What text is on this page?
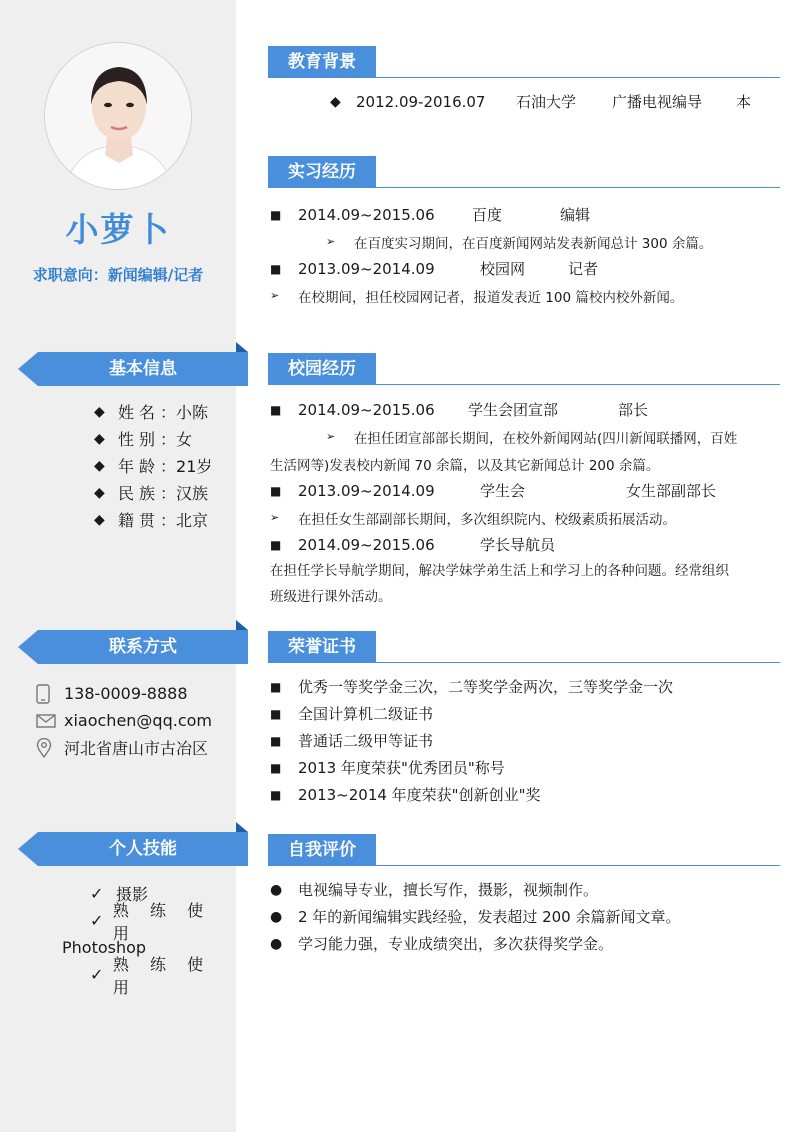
小萝卜
求职意向：新闻编辑/记者
基本信息
◆ 姓名 ： 小陈
◆ 性别 ： 女
◆ 年龄 ： 21岁
◆ 民族 ： 汉族
◆ 籍贯 ： 北京
联系方式
138-0009-8888
xiaochen@qq.com
河北省唐山市古冶区
个人技能
✓ 摄影
✓
熟 练 使 用
Photoshop
✓
熟 练 使 用
教育背景
◆	2012.09-2016.07	石油大学	广播电视编导	本
实习经历
■	2014.09~2015.06	百度	编辑
➢	在百度实习期间，在百度新闻网站发表新闻总计 300 余篇。
■	2013.09~2014.09	校园网	记者
➢	在校期间，担任校园网记者，报道发表近 100 篇校内校外新闻。
校园经历
■	2014.09~2015.06	学生会团宣部	部长
➢	在担任团宣部部长期间，在校外新闻网站(四川新闻联播网，百姓
生活网等)发表校内新闻 70 余篇，以及其它新闻总计 200 余篇。
■	2013.09~2014.09	学生会	女生部副部长
➢	在担任女生部副部长期间，多次组织院内、校级素质拓展活动。
■	2014.09~2015.06	学长导航员
在担任学长导航学期间，解决学妹学弟生活上和学习上的各种问题。经常组织
班级进行课外活动。
荣誉证书
■	优秀一等奖学金三次，二等奖学金两次，三等奖学金一次
■	全国计算机二级证书
■	普通话二级甲等证书
■	2013 年度荣获"优秀团员"称号
■	2013~2014 年度荣获"创新创业"奖
自我评价
●	电视编导专业，擅长写作，摄影，视频制作。
●	2 年的新闻编辑实践经验，发表超过 200 余篇新闻文章。
●	学习能力强，专业成绩突出，多次获得奖学金。
